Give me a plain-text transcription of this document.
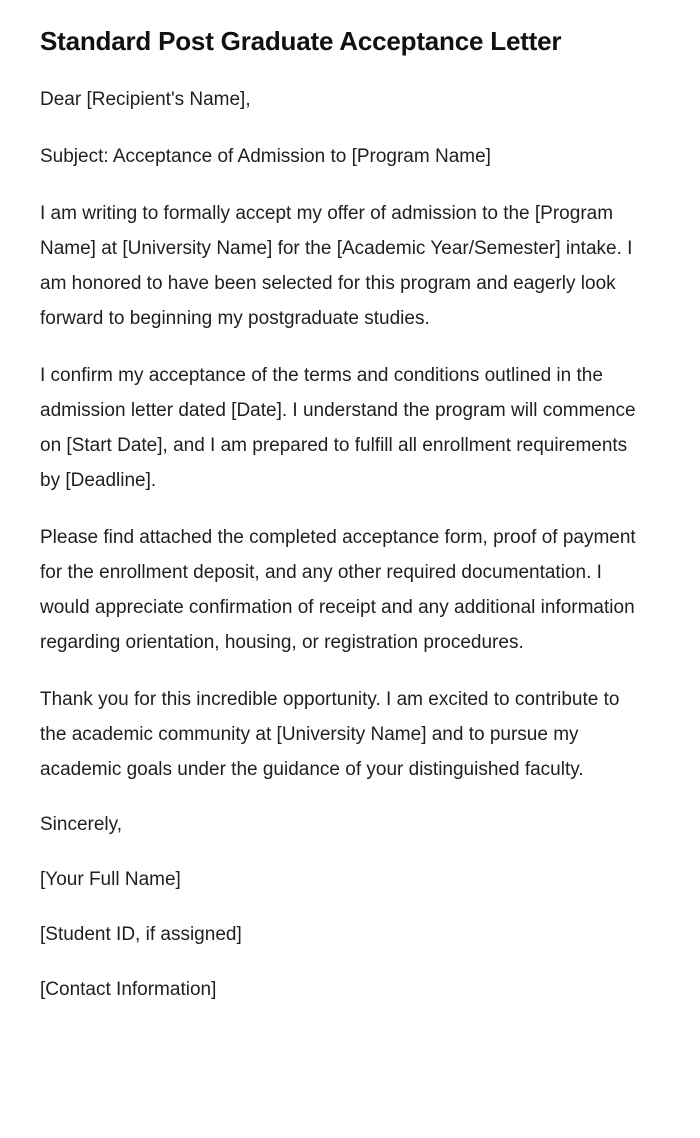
Standard Post Graduate Acceptance Letter

Dear [Recipient's Name],

Subject: Acceptance of Admission to [Program Name]

I am writing to formally accept my offer of admission to the [Program Name] at [University Name] for the [Academic Year/Semester] intake. I am honored to have been selected for this program and eagerly look forward to beginning my postgraduate studies.

I confirm my acceptance of the terms and conditions outlined in the admission letter dated [Date]. I understand the program will commence on [Start Date], and I am prepared to fulfill all enrollment requirements by [Deadline].

Please find attached the completed acceptance form, proof of payment for the enrollment deposit, and any other required documentation. I would appreciate confirmation of receipt and any additional information regarding orientation, housing, or registration procedures.

Thank you for this incredible opportunity. I am excited to contribute to the academic community at [University Name] and to pursue my academic goals under the guidance of your distinguished faculty.

Sincerely,

[Your Full Name]

[Student ID, if assigned]

[Contact Information]
